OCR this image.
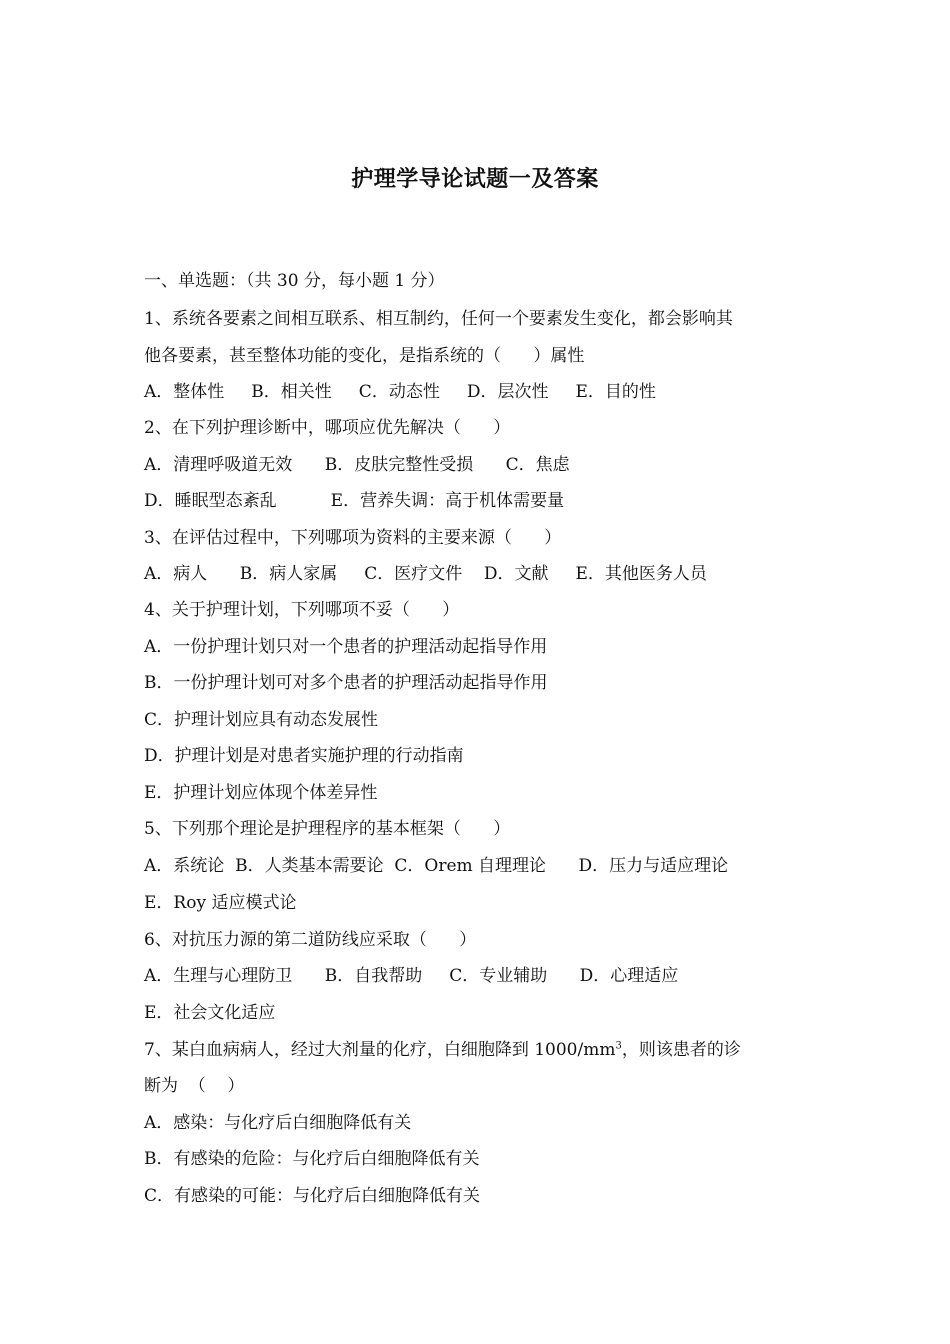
护理学导论试题一及答案
一、单选题：（共 30 分，每小题 1 分）
1、系统各要素之间相互联系、相互制约，任何一个要素发生变化，都会影响其
他各要素，甚至整体功能的变化，是指系统的（      ）属性
A．整体性     B．相关性     C．动态性     D．层次性     E．目的性
2、在下列护理诊断中，哪项应优先解决（      ）
A．清理呼吸道无效      B．皮肤完整性受损      C．焦虑
D．睡眠型态紊乱          E．营养失调：高于机体需要量
3、在评估过程中，下列哪项为资料的主要来源（      ）
A．病人      B．病人家属     C．医疗文件    D．文献     E．其他医务人员
4、关于护理计划，下列哪项不妥（      ）
A．一份护理计划只对一个患者的护理活动起指导作用
B．一份护理计划可对多个患者的护理活动起指导作用
C．护理计划应具有动态发展性
D．护理计划是对患者实施护理的行动指南
E．护理计划应体现个体差异性
5、下列那个理论是护理程序的基本框架（      ）
A．系统论  B．人类基本需要论  C．Orem 自理理论      D．压力与适应理论
E．Roy 适应模式论
6、对抗压力源的第二道防线应采取（      ）
A．生理与心理防卫      B．自我帮助     C．专业辅助      D．心理适应
E．社会文化适应
7、某白血病病人，经过大剂量的化疗，白细胞降到 $1000/mm^3$，则该患者的诊
断为  （    ）
A．感染：与化疗后白细胞降低有关
B．有感染的危险：与化疗后白细胞降低有关
C．有感染的可能：与化疗后白细胞降低有关
